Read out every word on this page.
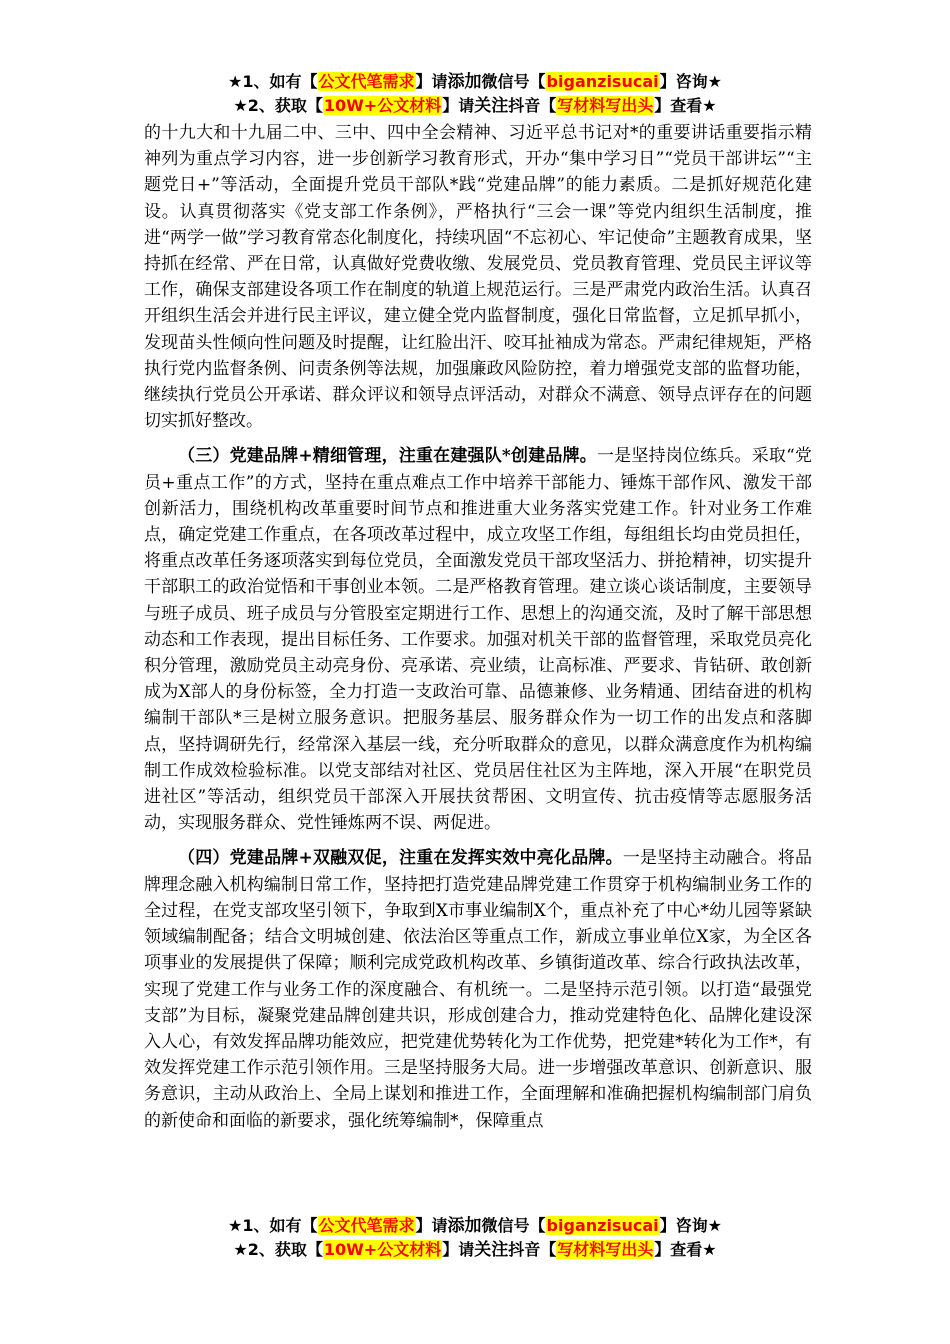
★1、如有【公文代笔需求】请添加微信号【biganzisucai】咨询★
★2、获取【10W+公文材料】请关注抖音【写材料写出头】查看★

的十九大和十九届二中、三中、四中全会精神、习近平总书记对*的重要讲话重要指示精神列为重点学习内容，进一步创新学习教育形式，开办“集中学习日”“党员干部讲坛”“主题党日+”等活动，全面提升党员干部队*践“党建品牌”的能力素质。二是抓好规范化建设。认真贯彻落实《党支部工作条例》，严格执行“三会一课”等党内组织生活制度，推进“两学一做”学习教育常态化制度化，持续巩固“不忘初心、牢记使命”主题教育成果，坚持抓在经常、严在日常，认真做好党费收缴、发展党员、党员教育管理、党员民主评议等工作，确保支部建设各项工作在制度的轨道上规范运行。三是严肃党内政治生活。认真召开组织生活会并进行民主评议，建立健全党内监督制度，强化日常监督，立足抓早抓小，发现苗头性倾向性问题及时提醒，让红脸出汗、咬耳扯袖成为常态。严肃纪律规矩，严格执行党内监督条例、问责条例等法规，加强廉政风险防控，着力增强党支部的监督功能，继续执行党员公开承诺、群众评议和领导点评活动，对群众不满意、领导点评存在的问题切实抓好整改。

（三）党建品牌+精细管理，注重在建强队*创建品牌。一是坚持岗位练兵。采取“党员+重点工作”的方式，坚持在重点难点工作中培养干部能力、锤炼干部作风、激发干部创新活力，围绕机构改革重要时间节点和推进重大业务落实党建工作。针对业务工作难点，确定党建工作重点，在各项改革过程中，成立攻坚工作组，每组组长均由党员担任，将重点改革任务逐项落实到每位党员，全面激发党员干部攻坚活力、拼抢精神，切实提升干部职工的政治觉悟和干事创业本领。二是严格教育管理。建立谈心谈话制度，主要领导与班子成员、班子成员与分管股室定期进行工作、思想上的沟通交流，及时了解干部思想动态和工作表现，提出目标任务、工作要求。加强对机关干部的监督管理，采取党员亮化积分管理，激励党员主动亮身份、亮承诺、亮业绩，让高标准、严要求、肯钻研、敢创新成为X部人的身份标签，全力打造一支政治可靠、品德兼修、业务精通、团结奋进的机构编制干部队*三是树立服务意识。把服务基层、服务群众作为一切工作的出发点和落脚点，坚持调研先行，经常深入基层一线，充分听取群众的意见，以群众满意度作为机构编制工作成效检验标准。以党支部结对社区、党员居住社区为主阵地，深入开展“在职党员进社区”等活动，组织党员干部深入开展扶贫帮困、文明宣传、抗击疫情等志愿服务活动，实现服务群众、党性锤炼两不误、两促进。

（四）党建品牌+双融双促，注重在发挥实效中亮化品牌。一是坚持主动融合。将品牌理念融入机构编制日常工作，坚持把打造党建品牌党建工作贯穿于机构编制业务工作的全过程，在党支部攻坚引领下，争取到X市事业编制X个，重点补充了中心*幼儿园等紧缺领域编制配备；结合文明城创建、依法治区等重点工作，新成立事业单位X家，为全区各项事业的发展提供了保障；顺利完成党政机构改革、乡镇街道改革、综合行政执法改革，实现了党建工作与业务工作的深度融合、有机统一。二是坚持示范引领。以打造“最强党支部”为目标，凝聚党建品牌创建共识，形成创建合力，推动党建特色化、品牌化建设深入人心，有效发挥品牌功能效应，把党建优势转化为工作优势，把党建*转化为工作*，有效发挥党建工作示范引领作用。三是坚持服务大局。进一步增强改革意识、创新意识、服务意识，主动从政治上、全局上谋划和推进工作，全面理解和准确把握机构编制部门肩负的新使命和面临的新要求，强化统筹编制*，保障重点

★1、如有【公文代笔需求】请添加微信号【biganzisucai】咨询★
★2、获取【10W+公文材料】请关注抖音【写材料写出头】查看★
